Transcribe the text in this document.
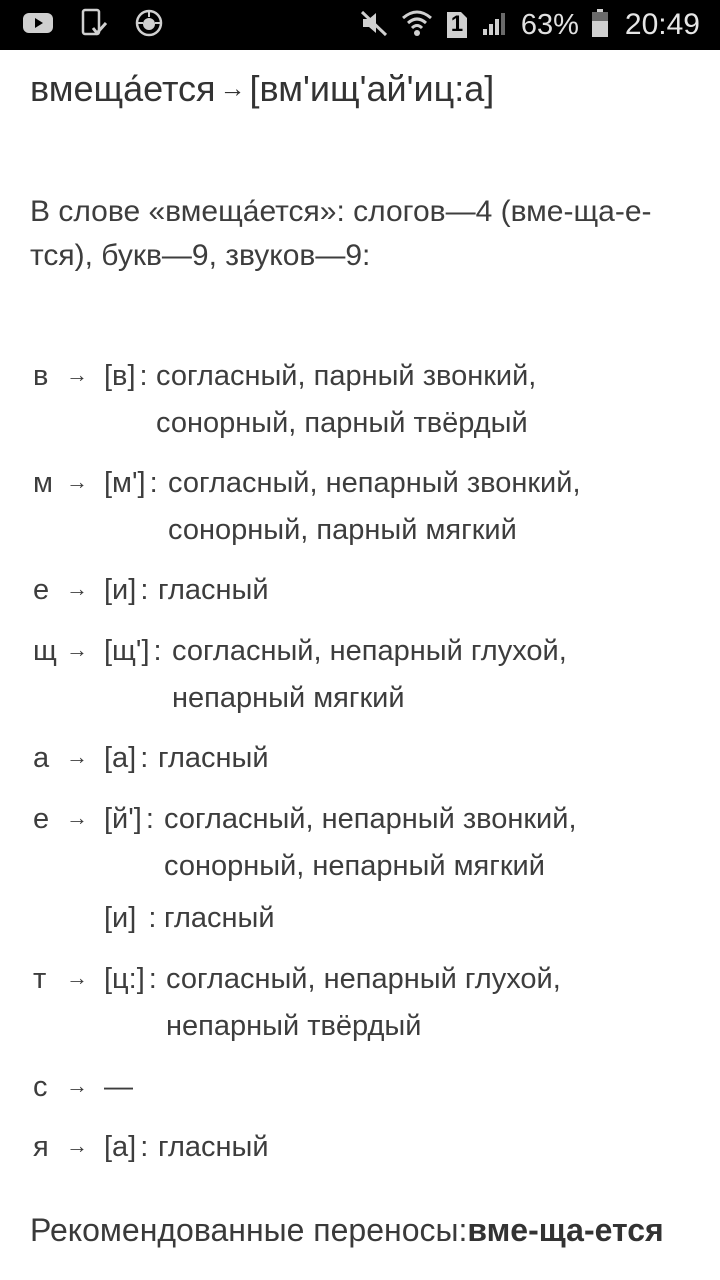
1 63% 20:49
вмеща́ется → [вм'ищ'ай'иц:а]
В слове «вмеща́ется»: слогов—4 (вме-ща-е-тся), букв—9, звуков—9:
в → [в] : согласный, парный звонкий,
сонорный, парный твёрдый
м → [м'] : согласный, непарный звонкий,
сонорный, парный мягкий
е → [и] : гласный
щ → [щ'] : согласный, непарный глухой,
непарный мягкий
а → [а] : гласный
е → [й'] : согласный, непарный звонкий,
сонорный, непарный мягкий
[и] : гласный
т → [ц:] : согласный, непарный глухой,
непарный твёрдый
с → —
я → [а] : гласный
Рекомендованные переносы:вме-ща-ется
